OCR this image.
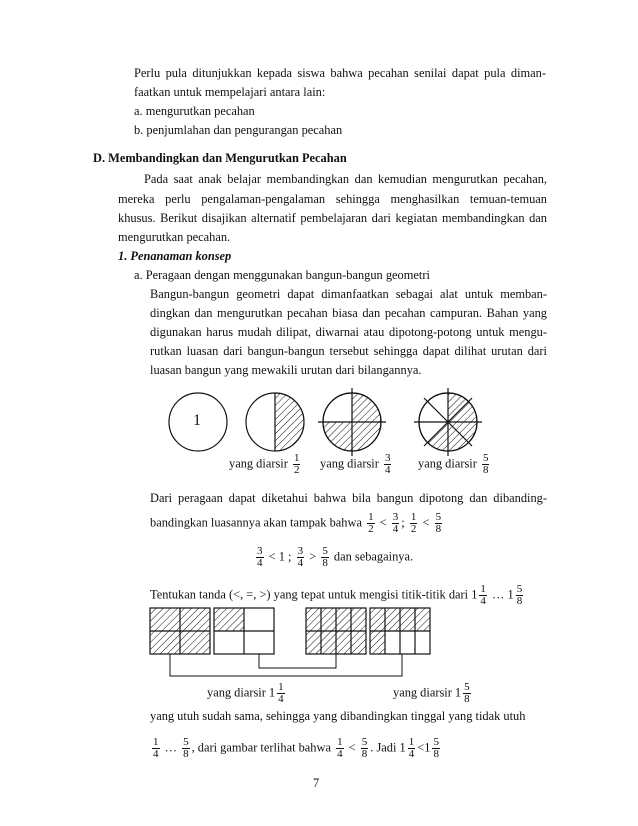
Perlu pula ditunjukkan kepada siswa bahwa pecahan senilai dapat pula diman-
faatkan untuk mempelajari antara lain:
a. mengurutkan pecahan
b. penjumlahan dan pengurangan pecahan
D. Membandingkan dan Mengurutkan Pecahan
Pada saat anak belajar membandingkan dan kemudian mengurutkan pecahan,
mereka perlu pengalaman-pengalaman sehingga menghasilkan temuan-temuan
khusus. Berikut disajikan alternatif pembelajaran dari kegiatan membandingkan dan
mengurutkan pecahan.
1. Penanaman konsep
a. Peragaan dengan menggunakan bangun-bangun geometri
Bangun-bangun geometri dapat dimanfaatkan sebagai alat untuk memban-
dingkan dan mengurutkan pecahan biasa dan pecahan campuran. Bahan yang
digunakan harus mudah dilipat, diwarnai atau dipotong-potong untuk mengu-
rutkan luasan dari bangun-bangun tersebut sehingga dapat dilihat urutan dari
luasan bangun yang mewakili urutan dari bilangannya.
1
yang diarsir $\frac{1}{2}$ yang diarsir $\frac{3}{4}$ yang diarsir $\frac{5}{8}$
Dari peragaan dapat diketahui bahwa bila bangun dipotong dan dibanding-
bandingkan luasannya akan tampak bahwa $\frac{1}{2} < \frac{3}{4}$ ; $\frac{1}{2} < \frac{5}{8}$
$\frac{3}{4} < 1$ ; $\frac{3}{4} > \frac{5}{8}$ dan sebagainya.
Tentukan tanda (<, =, >) yang tepat untuk mengisi titik-titik dari $1 \frac{1}{4}$ … $1 \frac{5}{8}$
yang diarsir $1 \frac{1}{4}$	yang diarsir $1 \frac{5}{8}$
yang utuh sudah sama, sehingga yang dibandingkan tinggal yang tidak utuh
$\frac{1}{4}$ … $\frac{5}{8}$ , dari gambar terlihat bahwa $\frac{1}{4} < \frac{5}{8}$ . Jadi $1 \frac{1}{4} <1 \frac{5}{8}$
7
